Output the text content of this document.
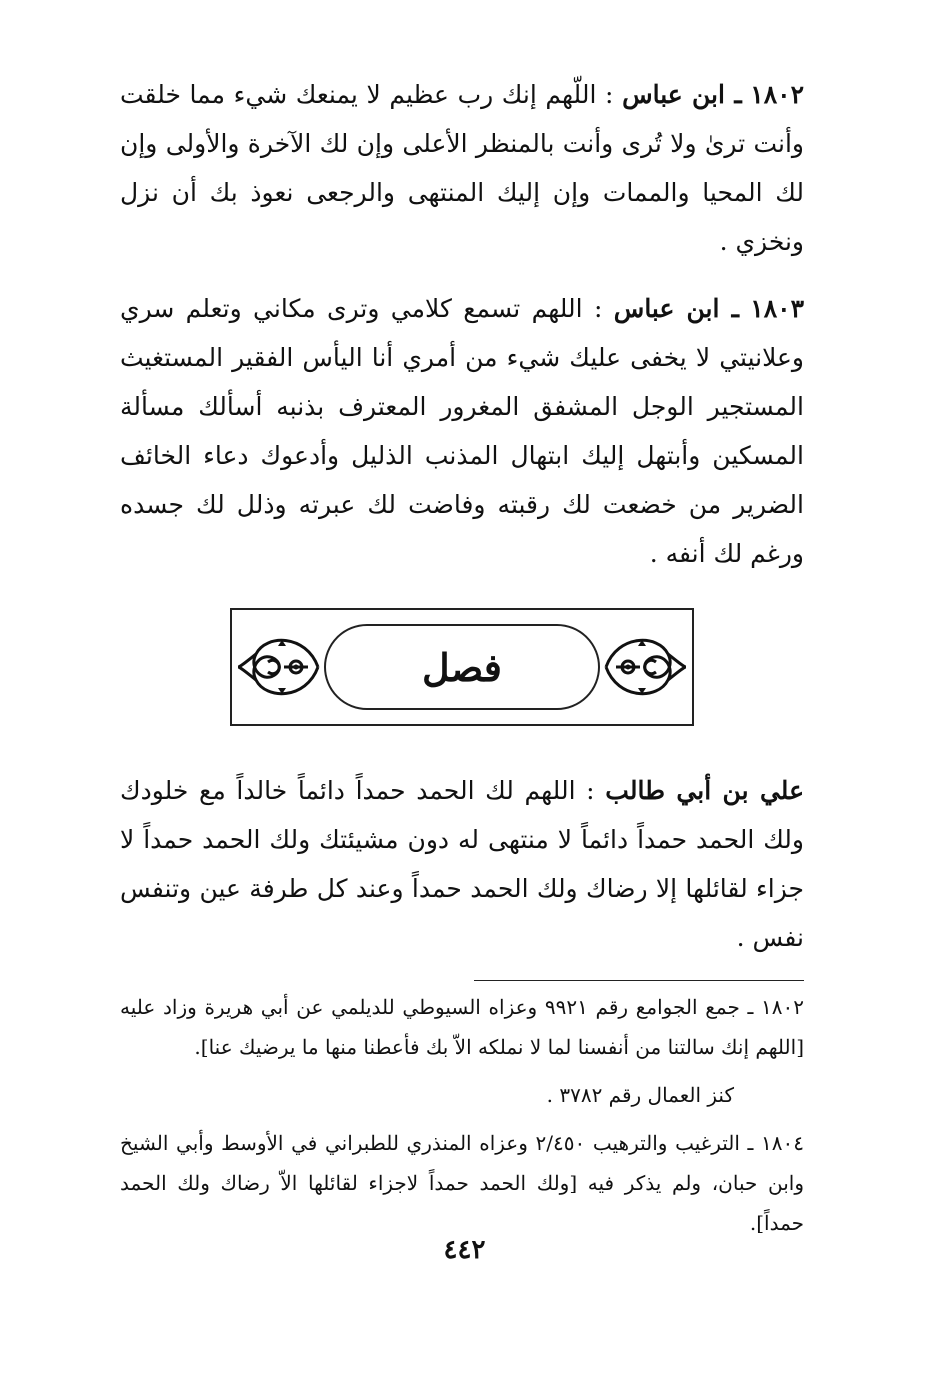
١٨٠٢ ـ ابن عباس : اللّهم إنك رب عظيم لا يمنعك شيء مما خلقت وأنت ترىٰ ولا تُرى وأنت بالمنظر الأعلى وإن لك الآخرة والأولى وإن لك المحيا والممات وإن إليك المنتهى والرجعى نعوذ بك أن نزل ونخزي .

١٨٠٣ ـ ابن عباس : اللهم تسمع كلامي وترى مكاني وتعلم سري وعلانيتي لا يخفى عليك شيء من أمري أنا اليأس الفقير المستغيث المستجير الوجل المشفق المغرور المعترف بذنبه أسألك مسألة المسكين وأبتهل إليك ابتهال المذنب الذليل وأدعوك دعاء الخائف الضرير من خضعت لك رقبته وفاضت لك عبرته وذلل لك جسده ورغم لك أنفه .

فصل

علي بن أبي طالب : اللهم لك الحمد حمداً دائماً خالداً مع خلودك ولك الحمد حمداً دائماً لا منتهى له دون مشيئتك ولك الحمد حمداً لا جزاء لقائلها إلا رضاك ولك الحمد حمداً وعند كل طرفة عين وتنفس نفس .

١٨٠٢ ـ جمع الجوامع رقم ٩٩٢١ وعزاه السيوطي للديلمي عن أبي هريرة وزاد عليه [اللهم إنك سالتنا من أنفسنا لما لا نملكه الاّ بك فأعطنا منها ما يرضيك عنا].

كنز العمال رقم ٣٧٨٢ .

١٨٠٤ ـ الترغيب والترهيب ٢/٤٥٠ وعزاه المنذري للطبراني في الأوسط وأبي الشيخ وابن حبان، ولم يذكر فيه [ولك الحمد حمداً لاجزاء لقائلها الاّ رضاك ولك الحمد حمداً].

٤٤٢
